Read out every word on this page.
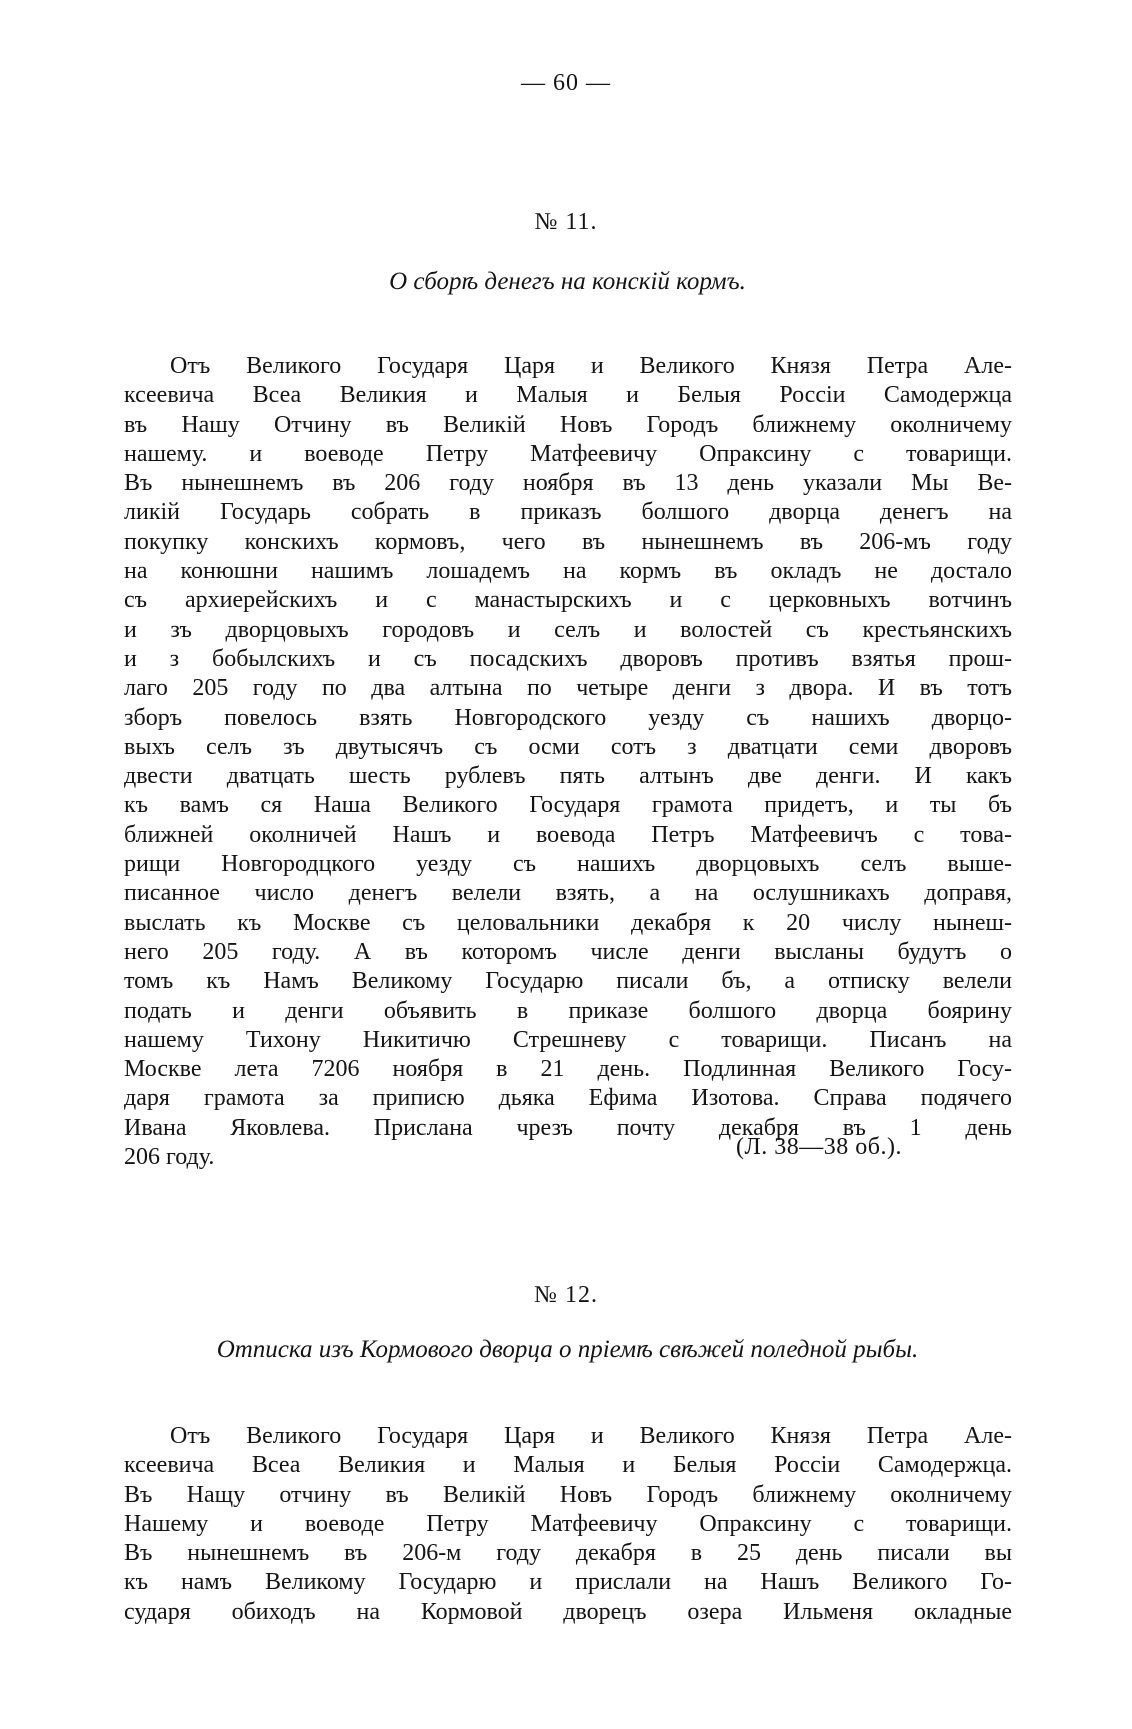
— 60 —
№ 11.
О сборѣ денегъ на конскій кормъ.
Отъ Великого Государя Царя и Великого Князя Петра Але-
ксеевича Всеа Великия и Малыя и Белыя Россіи Самодержца
въ Нашу Отчину въ Великій Новъ Городъ ближнему околничему
нашему. и воеводе Петру Матфеевичу Опраксину с товарищи.
Въ нынешнемъ въ 206 году ноября въ 13 день указали Мы Ве-
ликій Государь собрать в приказъ болшого дворца денегъ на
покупку конскихъ кормовъ, чего въ нынешнемъ въ 206-мъ году
на конюшни нашимъ лошадемъ на кормъ въ окладъ не достало
съ архиерейскихъ и с манастырскихъ и с церковныхъ вотчинъ
и зъ дворцовыхъ городовъ и селъ и волостей съ крестьянскихъ
и з бобылскихъ и съ посадскихъ дворовъ противъ взятья прош-
лаго 205 году по два алтына по четыре денги з двора. И въ тотъ
зборъ повелось взять Новгородского уезду съ нашихъ дворцо-
выхъ селъ зъ двутысячъ съ осми сотъ з дватцати семи дворовъ
двести дватцать шесть рублевъ пять алтынъ две денги. И какъ
къ вамъ ся Наша Великого Государя грамота придетъ, и ты бъ
ближней околничей Нашъ и воевода Петръ Матфеевичъ с това-
рищи Новгородцкого уезду съ нашихъ дворцовыхъ селъ выше-
писанное число денегъ велели взять, а на ослушникахъ доправя,
выслать къ Москве съ целовальники декабря к 20 числу нынеш-
него 205 году. А въ которомъ числе денги высланы будутъ о
томъ къ Намъ Великому Государю писали бъ, а отписку велели
подать и денги объявить в приказе болшого дворца боярину
нашему Тихону Никитичю Стрешневу с товарищи. Писанъ на
Москве лета 7206 ноября в 21 день. Подлинная Великого Госу-
даря грамота за приписю дьяка Ефима Изотова. Справа подячего
Ивана Яковлева. Прислана чрезъ почту декабря въ 1 день
206 году.	(Л. 38—38 об.).
№ 12.
Отписка изъ Кормового дворца о пріемѣ свѣжей поледной рыбы.
Отъ Великого Государя Царя и Великого Князя Петра Але-
ксеевича Всеа Великия и Малыя и Белыя Россіи Самодержца.
Въ Нащу отчину въ Великій Новъ Городъ ближнему околничему
Нашему и воеводе Петру Матфеевичу Опраксину с товарищи.
Въ нынешнемъ въ 206-м году декабря в 25 день писали вы
къ намъ Великому Государю и прислали на Нашъ Великого Го-
сударя обиходъ на Кормовой дворецъ озера Ильменя окладные
